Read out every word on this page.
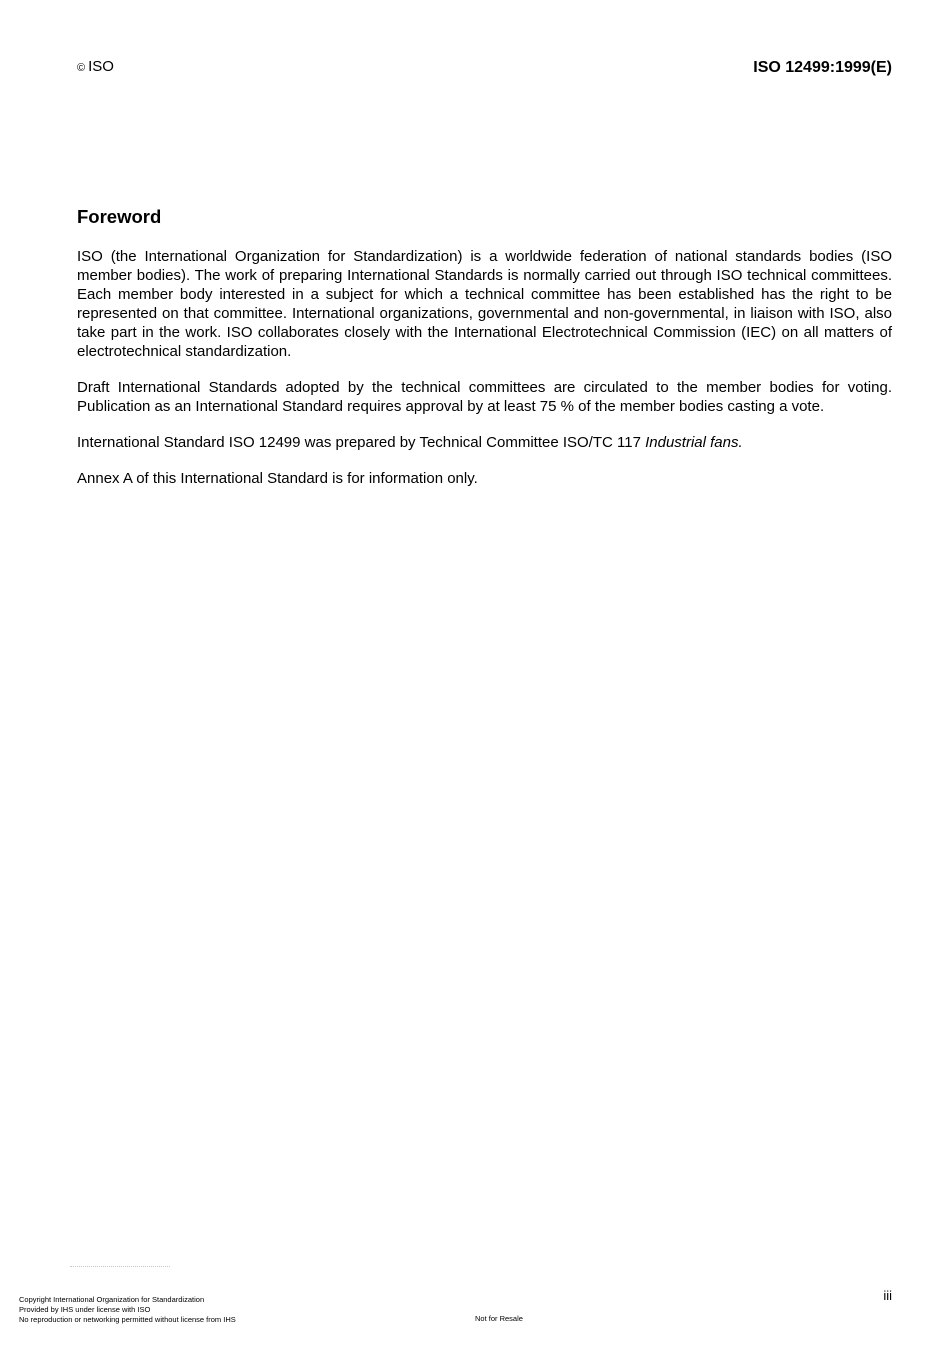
© ISO	ISO 12499:1999(E)
Foreword

ISO (the International Organization for Standardization) is a worldwide federation of national standards bodies (ISO member bodies). The work of preparing International Standards is normally carried out through ISO technical committees. Each member body interested in a subject for which a technical committee has been established has the right to be represented on that committee. International organizations, governmental and non-governmental, in liaison with ISO, also take part in the work. ISO collaborates closely with the International Electrotechnical Commission (IEC) on all matters of electrotechnical standardization.

Draft International Standards adopted by the technical committees are circulated to the member bodies for voting. Publication as an International Standard requires approval by at least 75 % of the member bodies casting a vote.

International Standard ISO 12499 was prepared by Technical Committee ISO/TC 117 Industrial fans.

Annex A of this International Standard is for information only.

iii
Copyright International Organization for Standardization
Provided by IHS under license with ISO
No reproduction or networking permitted without license from IHS	Not for Resale
